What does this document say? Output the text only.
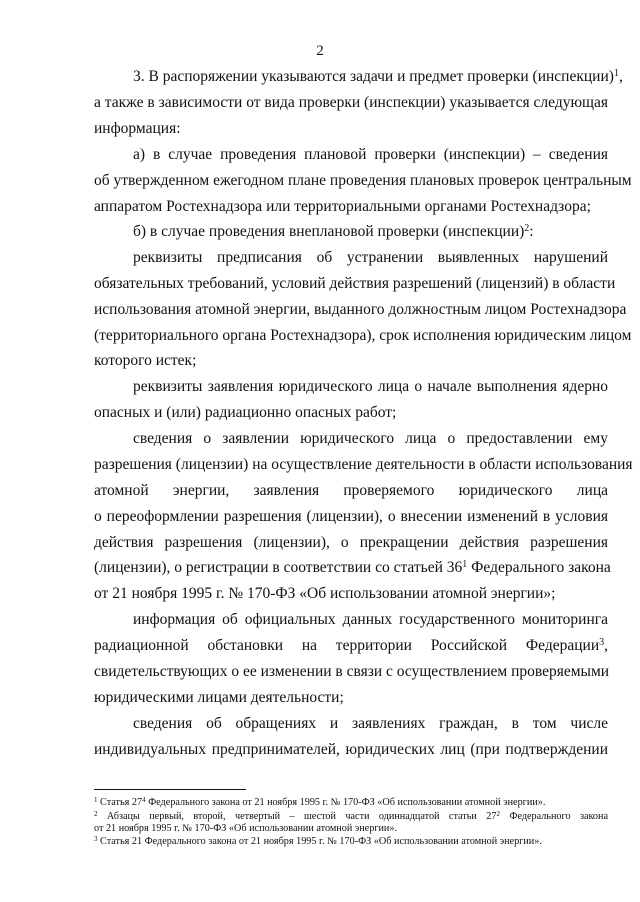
2
3. В распоряжении указываются задачи и предмет проверки (инспекции)$^1$,
а также в зависимости от вида проверки (инспекции) указывается следующая
информация:
а) в случае проведения плановой проверки (инспекции) – сведения
об утвержденном ежегодном плане проведения плановых проверок центральным
аппаратом Ростехнадзора или территориальными органами Ростехнадзора;
б) в случае проведения внеплановой проверки (инспекции)$^2$:
реквизиты предписания об устранении выявленных нарушений
обязательных требований, условий действия разрешений (лицензий) в области
использования атомной энергии, выданного должностным лицом Ростехнадзора
(территориального органа Ростехнадзора), срок исполнения юридическим лицом
которого истек;
реквизиты заявления юридического лица о начале выполнения ядерно
опасных и (или) радиационно опасных работ;
сведения о заявлении юридического лица о предоставлении ему
разрешения (лицензии) на осуществление деятельности в области использования
атомной энергии, заявления проверяемого юридического лица
о переоформлении разрешения (лицензии), о внесении изменений в условия
действия разрешения (лицензии), о прекращении действия разрешения
(лицензии), о регистрации в соответствии со статьей $36^1$ Федерального закона
от 21 ноября 1995 г. № 170-ФЗ «Об использовании атомной энергии»;
информация об официальных данных государственного мониторинга
радиационной обстановки на территории Российской Федерации$^3$,
свидетельствующих о ее изменении в связи с осуществлением проверяемыми
юридическими лицами деятельности;
сведения об обращениях и заявлениях граждан, в том числе
индивидуальных предпринимателей, юридических лиц (при подтверждении
$^1$ Статья $27^4$ Федерального закона от 21 ноября 1995 г. № 170-ФЗ «Об использовании атомной энергии».
$^2$ Абзацы первый, второй, четвертый – шестой части одиннадцатой статьи $27^2$ Федерального закона
от 21 ноября 1995 г. № 170-ФЗ «Об использовании атомной энергии».
$^3$ Статья 21 Федерального закона от 21 ноября 1995 г. № 170-ФЗ «Об использовании атомной энергии».
